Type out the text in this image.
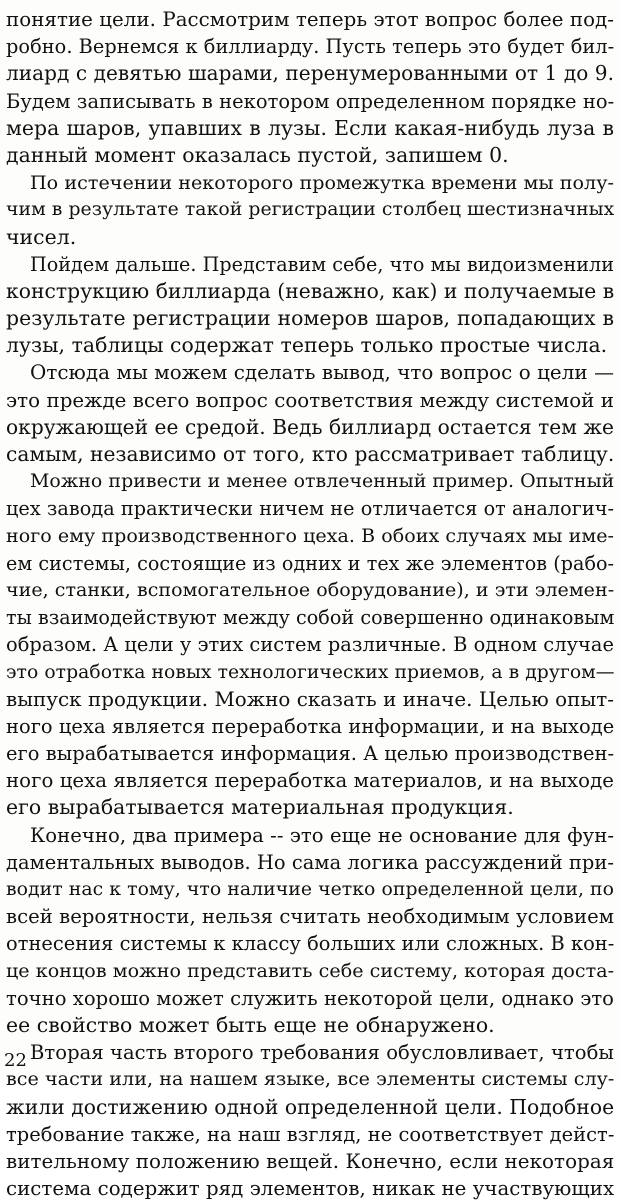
понятие цели. Рассмотрим теперь этот вопрос более под-
робно. Вернемся к биллиарду. Пусть теперь это будет бил-
лиард с девятью шарами, перенумерованными от 1 до 9.
Будем записывать в некотором определенном порядке но-
мера шаров, упавших в лузы. Если какая-нибудь луза в
данный момент оказалась пустой, запишем 0.
По истечении некоторого промежутка времени мы полу-
чим в результате такой регистрации столбец шестизначных
чисел.
Пойдем дальше. Представим себе, что мы видоизменили
конструкцию биллиарда (неважно, как) и получаемые в
результате регистрации номеров шаров, попадающих в
лузы, таблицы содержат теперь только простые числа.
Отсюда мы можем сделать вывод, что вопрос о цели —
это прежде всего вопрос соответствия между системой и
окружающей ее средой. Ведь биллиард остается тем же
самым, независимо от того, кто рассматривает таблицу.
Можно привести и менее отвлеченный пример. Опытный
цех завода практически ничем не отличается от аналогич-
ного ему производственного цеха. В обоих случаях мы име-
ем системы, состоящие из одних и тех же элементов (рабо-
чие, станки, вспомогательное оборудование), и эти элемен-
ты взаимодействуют между собой совершенно одинаковым
образом. А цели у этих систем различные. В одном случае
это отработка новых технологических приемов, а в другом—
выпуск продукции. Можно сказать и иначе. Целью опыт-
ного цеха является переработка информации, и на выходе
его вырабатывается информация. А целью производствен-
ного цеха является переработка материалов, и на выходе
его вырабатывается материальная продукция.
Конечно, два примера -- это еще не основание для фун-
даментальных выводов. Но сама логика рассуждений при-
водит нас к тому, что наличие четко определенной цели, по
всей вероятности, нельзя считать необходимым условием
отнесения системы к классу больших или сложных. В кон-
це концов можно представить себе систему, которая доста-
точно хорошо может служить некоторой цели, однако это
ее свойство может быть еще не обнаружено.
Вторая часть второго требования обусловливает, чтобы
все части или, на нашем языке, все элементы системы слу-
жили достижению одной определенной цели. Подобное
требование также, на наш взгляд, не соответствует дейст-
вительному положению вещей. Конечно, если некоторая
система содержит ряд элементов, никак не участвующих
22
